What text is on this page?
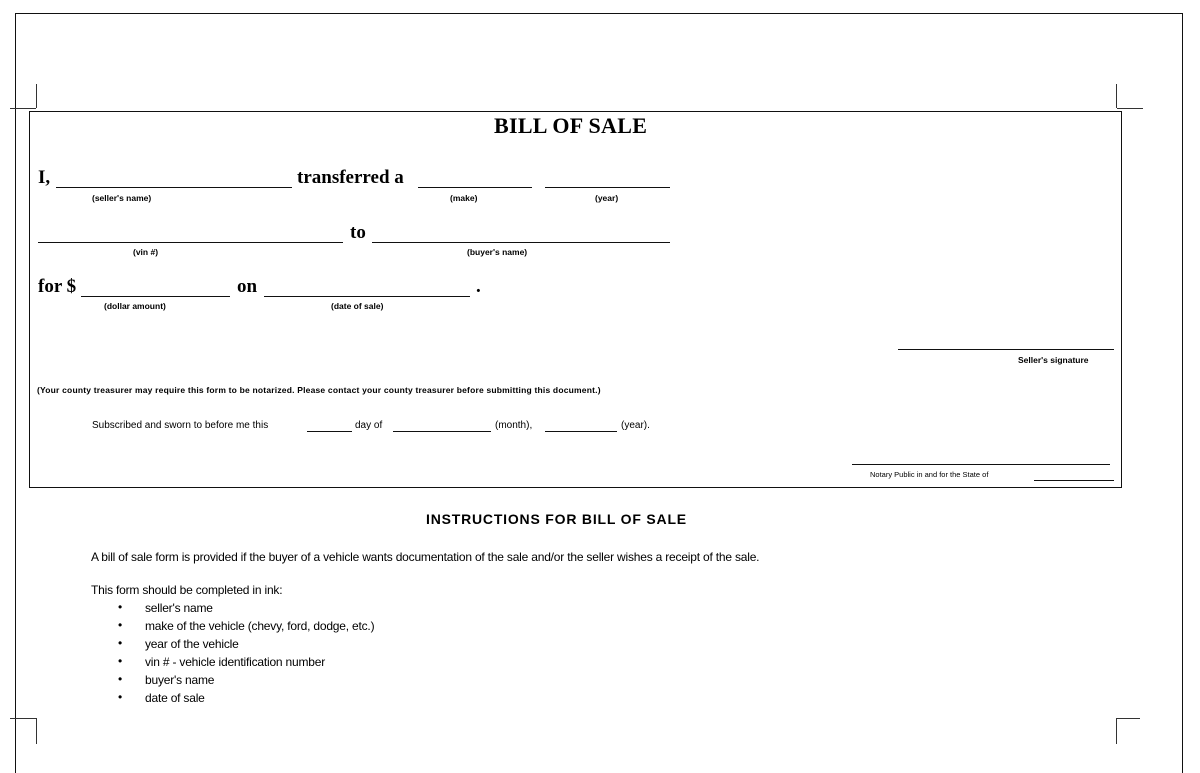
BILL OF SALE
I,	transferred a
(seller's name)	(make)	(year)
to
(vin #)	(buyer's name)
for $	on	.
(dollar amount)	(date of sale)
Seller's signature
(Your county treasurer may require this form to be notarized. Please contact your county treasurer before submitting this document.)
Subscribed and sworn to before me this	day of	(month),	(year).
Notary Public in and for the State of
INSTRUCTIONS FOR BILL OF SALE
A bill of sale form is provided if the buyer of a vehicle wants documentation of the sale and/or the seller wishes a receipt of the sale.
This form should be completed in ink:
• seller's name
• make of the vehicle (chevy, ford, dodge, etc.)
• year of the vehicle
• vin # - vehicle identification number
• buyer's name
• date of sale
